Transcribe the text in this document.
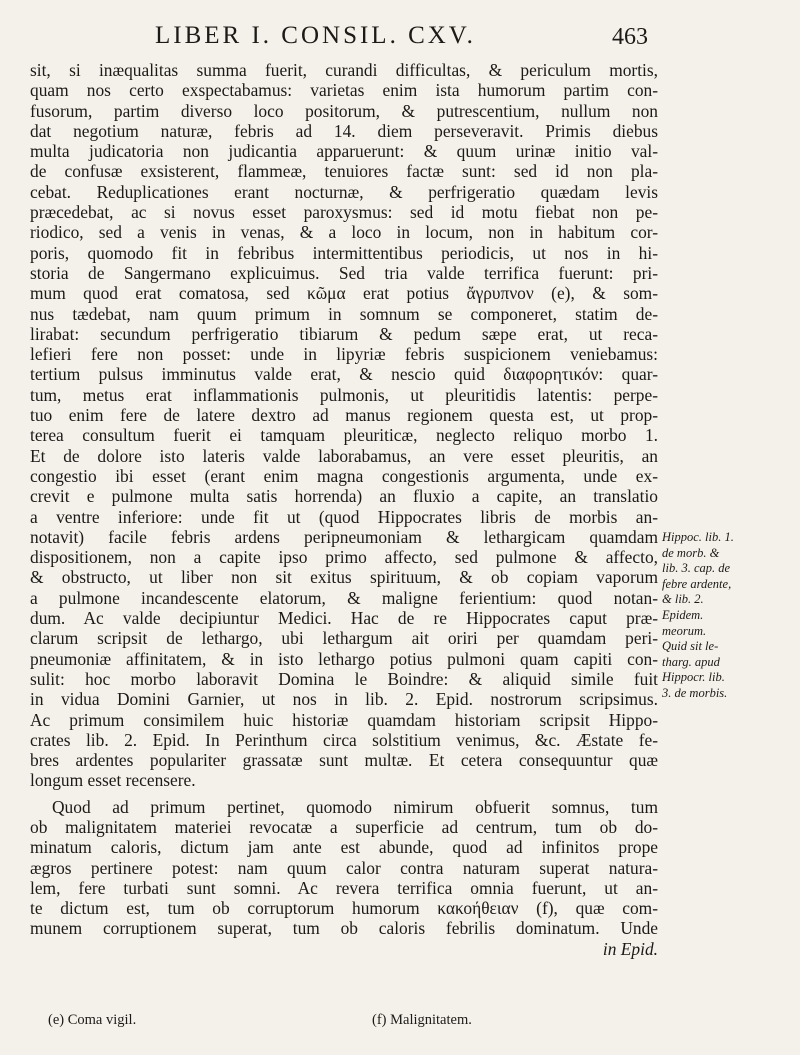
LIBER I. CONSIL. CXV.	463
sit, si inæqualitas summa fuerit, curandi difficultas, & periculum mortis,
quam nos certo exspectabamus: varietas enim ista humorum partim con-
fusorum, partim diverso loco positorum, & putrescentium, nullum non
dat negotium naturæ, febris ad 14. diem perseveravit. Primis diebus
multa judicatoria non judicantia apparuerunt: & quum urinæ initio val-
de confusæ exsisterent, flammeæ, tenuiores factæ sunt: sed id non pla-
cebat. Reduplicationes erant nocturnæ, & perfrigeratio quædam levis
præcedebat, ac si novus esset paroxysmus: sed id motu fiebat non pe-
riodico, sed a venis in venas, & a loco in locum, non in habitum cor-
poris, quomodo fit in febribus intermittentibus periodicis, ut nos in hi-
storia de Sangermano explicuimus. Sed tria valde terrifica fuerunt: pri-
mum quod erat comatosa, sed κῶμα erat potius ἄγρυπνον (e), & som-
nus tædebat, nam quum primum in somnum se componeret, statim de-
lirabat: secundum perfrigeratio tibiarum & pedum sæpe erat, ut reca-
lefieri fere non posset: unde in lipyriæ febris suspicionem veniebamus:
tertium pulsus imminutus valde erat, & nescio quid διαφορητικόν: quar-
tum, metus erat inflammationis pulmonis, ut pleuritidis latentis: perpe-
tuo enim fere de latere dextro ad manus regionem questa est, ut prop-
terea consultum fuerit ei tamquam pleuriticæ, neglecto reliquo morbo 1.
Et de dolore isto lateris valde laborabamus, an vere esset pleuritis, an
congestio ibi esset (erant enim magna congestionis argumenta, unde ex-
crevit e pulmone multa satis horrenda) an fluxio a capite, an translatio
a ventre inferiore: unde fit ut (quod Hippocrates libris de morbis an-
notavit) facile febris ardens peripneumoniam & lethargicam quamdam
dispositionem, non a capite ipso primo affecto, sed pulmone & affecto,
& obstructo, ut liber non sit exitus spirituum, & ob copiam vaporum
a pulmone incandescente elatorum, & maligne ferientium: quod notan-
dum. Ac valde decipiuntur Medici. Hac de re Hippocrates caput præ-
clarum scripsit de lethargo, ubi lethargum ait oriri per quamdam peri-
pneumoniæ affinitatem, & in isto lethargo potius pulmoni quam capiti con-
sulit: hoc morbo laboravit Domina le Boindre: & aliquid simile fuit
in vidua Domini Garnier, ut nos in lib. 2. Epid. nostrorum scripsimus.
Ac primum consimilem huic historiæ quamdam historiam scripsit Hippo-
crates lib. 2. Epid. In Perinthum circa solstitium venimus, &c. Æstate fe-
bres ardentes populariter grassatæ sunt multæ. Et cetera consequuntur quæ
longum esset recensere.
Quod ad primum pertinet, quomodo nimirum obfuerit somnus, tum
ob malignitatem materiei revocatæ a superficie ad centrum, tum ob do-
minatum caloris, dictum jam ante est abunde, quod ad infinitos prope
ægros pertinere potest: nam quum calor contra naturam superat natura-
lem, fere turbati sunt somni. Ac revera terrifica omnia fuerunt, ut an-
te dictum est, tum ob corruptorum humorum κακοήθειαν (f), quæ com-
munem corruptionem superat, tum ob caloris febrilis dominatum. Unde
in Epid.
Hippoc. lib. 1.
de morb. &
lib. 3. cap. de
febre ardente,
& lib. 2.
Epidem.
meorum.
Quid sit le-
tharg. apud
Hippocr. lib.
3. de morbis.
(e) Coma vigil.	(f) Malignitatem.
